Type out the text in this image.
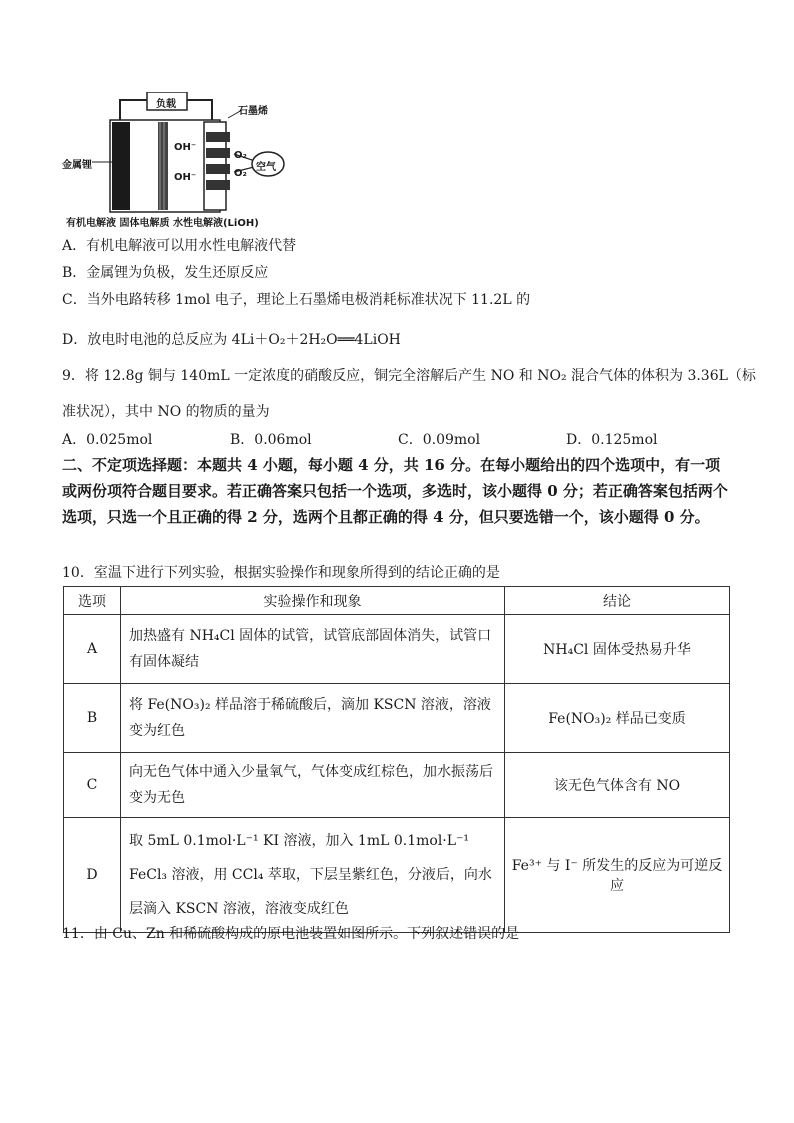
负载
石墨烯
空气
金属锂
OH⁻
OH⁻
O₂
O₂
有机电解液 固体电解质 水性电解液(LiOH)
A．有机电解液可以用水性电解液代替
B．金属锂为负极，发生还原反应
C．当外电路转移 1mol 电子，理论上石墨烯电极消耗标准状况下 11.2L 的
D．放电时电池的总反应为 4Li＋O₂＋2H₂O══4LiOH
9．将 12.8g 铜与 140mL 一定浓度的硝酸反应，铜完全溶解后产生 NO 和 NO₂ 混合气体的体积为 3.36L（标
准状况），其中 NO 的物质的量为
A．0.025mol	B．0.06mol	C．0.09mol	D．0.125mol
二、不定项选择题：本题共 4 小题，每小题 4 分，共 16 分。在每小题给出的四个选项中，有一项或两份项符合题目要求。若正确答案只包括一个选项，多选时，该小题得 0 分；若正确答案包括两个选项，只选一个且正确的得 2 分，选两个且都正确的得 4 分，但只要选错一个，该小题得 0 分。
10．室温下进行下列实验，根据实验操作和现象所得到的结论正确的是
选项	实验操作和现象	结论
A	加热盛有 NH₄Cl 固体的试管，试管底部固体消失，试管口有固体凝结	NH₄Cl 固体受热易升华
B	将 Fe(NO₃)₂ 样品溶于稀硫酸后，滴加 KSCN 溶液，溶液变为红色	Fe(NO₃)₂ 样品已变质
C	向无色气体中通入少量氧气，气体变成红棕色，加水振荡后变为无色	该无色气体含有 NO
D	取 5mL 0.1mol·L⁻¹ KI 溶液，加入 1mL 0.1mol·L⁻¹ FeCl₃ 溶液，用 CCl₄ 萃取，下层呈紫红色，分液后，向水层滴入 KSCN 溶液，溶液变成红色	Fe³⁺ 与 I⁻ 所发生的反应为可逆反应
11．由 Cu、Zn 和稀硫酸构成的原电池装置如图所示。下列叙述错误的是
